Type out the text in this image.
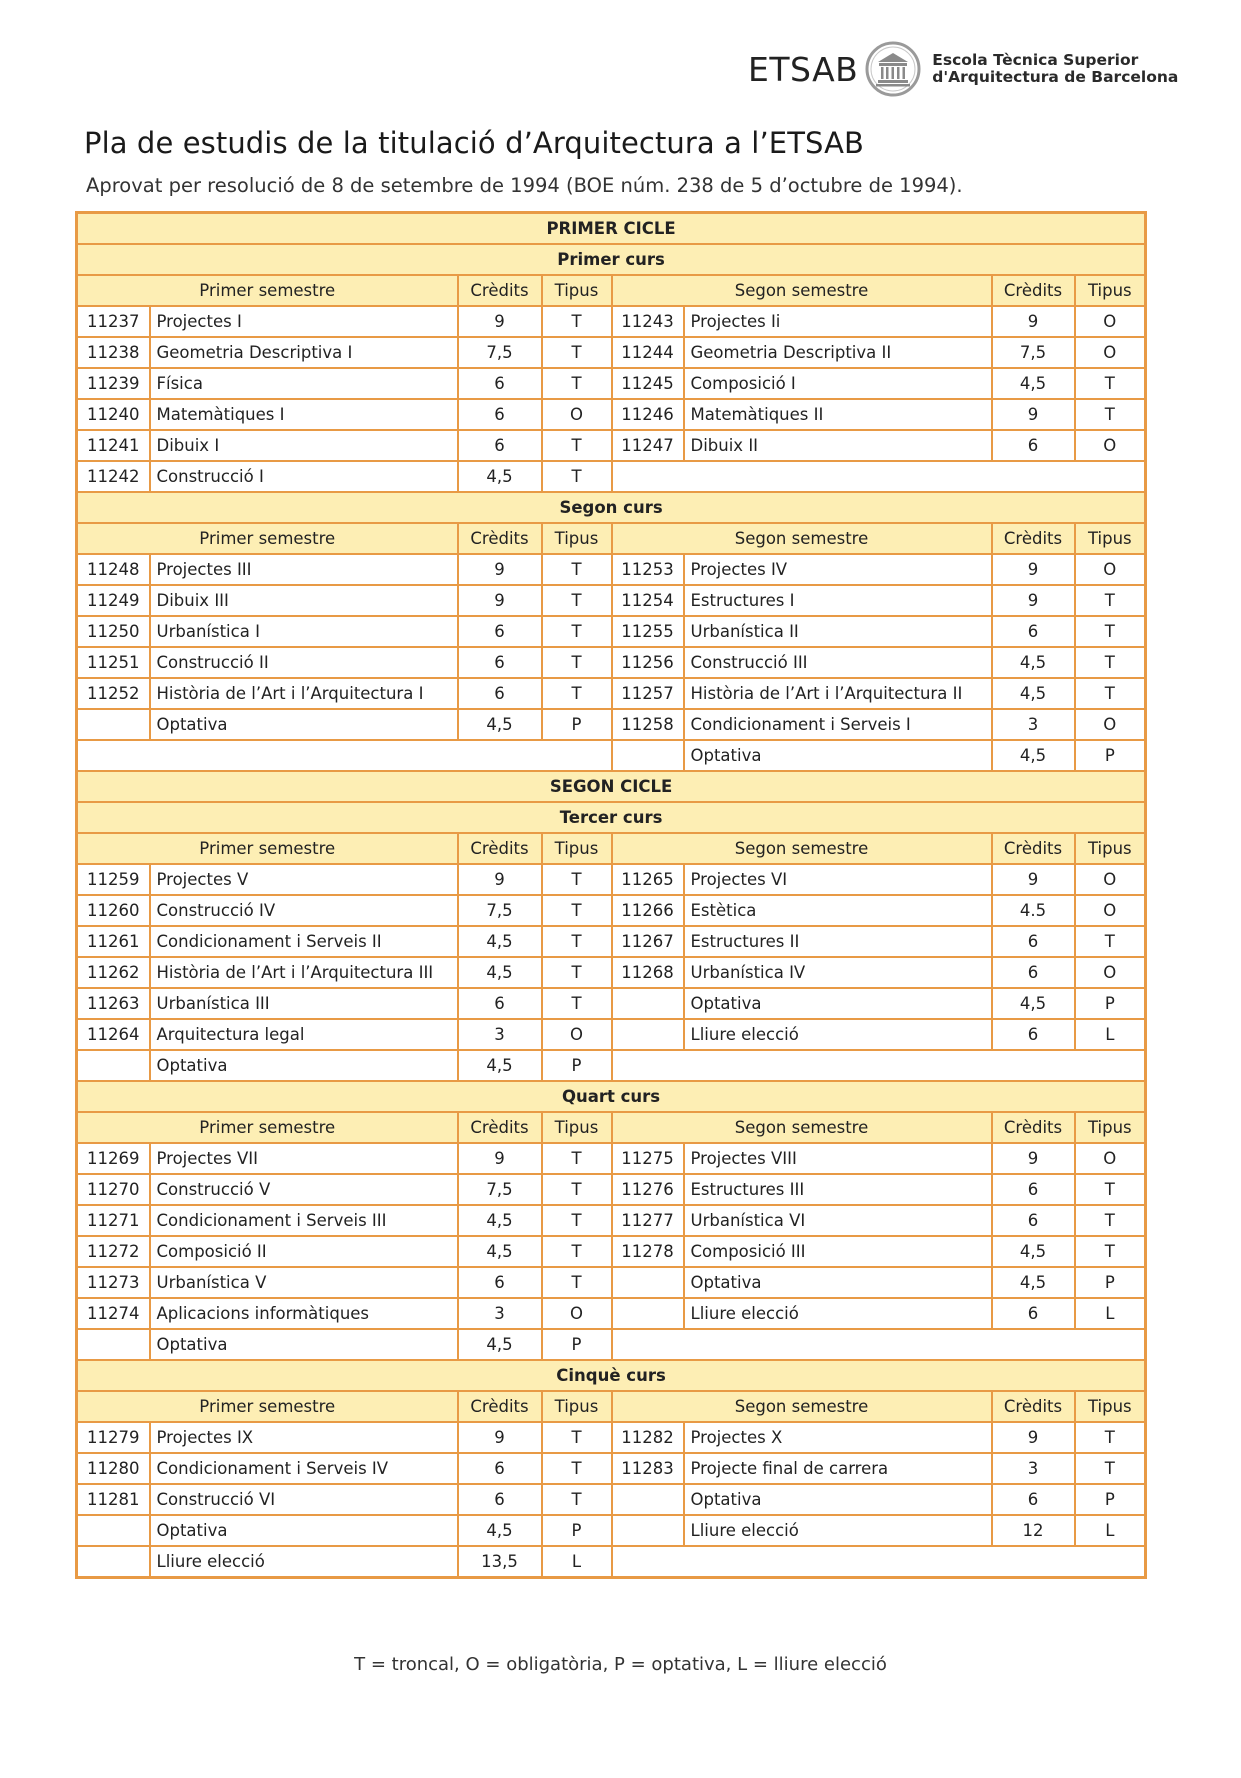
ETSAB	Escola Tècnica Superior
d'Arquitectura de Barcelona
Pla de estudis de la titulació d’Arquitectura a l’ETSAB
Aprovat per resolució de 8 de setembre de 1994 (BOE núm. 238 de 5 d’octubre de 1994).
PRIMER CICLE							
Primer curs							
Primer semestre		Crèdits	Tipus	Segon semestre		Crèdits	Tipus
11237	Projectes I	9	T	11243	Projectes Ii	9	O
11238	Geometria Descriptiva I	7,5	T	11244	Geometria Descriptiva II	7,5	O
11239	Física	6	T	11245	Composició I	4,5	T
11240	Matemàtiques I	6	O	11246	Matemàtiques II	9	T
11241	Dibuix I	6	T	11247	Dibuix II	6	O
11242	Construcció I	4,5	T				
Segon curs							
Primer semestre		Crèdits	Tipus	Segon semestre		Crèdits	Tipus
11248	Projectes III	9	T	11253	Projectes IV	9	O
11249	Dibuix III	9	T	11254	Estructures I	9	T
11250	Urbanística I	6	T	11255	Urbanística II	6	T
11251	Construcció II	6	T	11256	Construcció III	4,5	T
11252	Història de l’Art i l’Arquitectura I	6	T	11257	Història de l’Art i l’Arquitectura II	4,5	T
	Optativa	4,5	P	11258	Condicionament i Serveis I	3	O
					Optativa	4,5	P
SEGON CICLE							
Tercer curs							
Primer semestre		Crèdits	Tipus	Segon semestre		Crèdits	Tipus
11259	Projectes V	9	T	11265	Projectes VI	9	O
11260	Construcció IV	7,5	T	11266	Estètica	4.5	O
11261	Condicionament i Serveis II	4,5	T	11267	Estructures II	6	T
11262	Història de l’Art i l’Arquitectura III	4,5	T	11268	Urbanística IV	6	O
11263	Urbanística III	6	T		Optativa	4,5	P
11264	Arquitectura legal	3	O		Lliure elecció	6	L
	Optativa	4,5	P				
Quart curs							
Primer semestre		Crèdits	Tipus	Segon semestre		Crèdits	Tipus
11269	Projectes VII	9	T	11275	Projectes VIII	9	O
11270	Construcció V	7,5	T	11276	Estructures III	6	T
11271	Condicionament i Serveis III	4,5	T	11277	Urbanística VI	6	T
11272	Composició II	4,5	T	11278	Composició III	4,5	T
11273	Urbanística V	6	T		Optativa	4,5	P
11274	Aplicacions informàtiques	3	O		Lliure elecció	6	L
	Optativa	4,5	P				
Cinquè curs							
Primer semestre		Crèdits	Tipus	Segon semestre		Crèdits	Tipus
11279	Projectes IX	9	T	11282	Projectes X	9	T
11280	Condicionament i Serveis IV	6	T	11283	Projecte final de carrera	3	T
11281	Construcció VI	6	T		Optativa	6	P
	Optativa	4,5	P		Lliure elecció	12	L
	Lliure elecció	13,5	L				
T = troncal, O = obligatòria, P = optativa, L = lliure elecció
